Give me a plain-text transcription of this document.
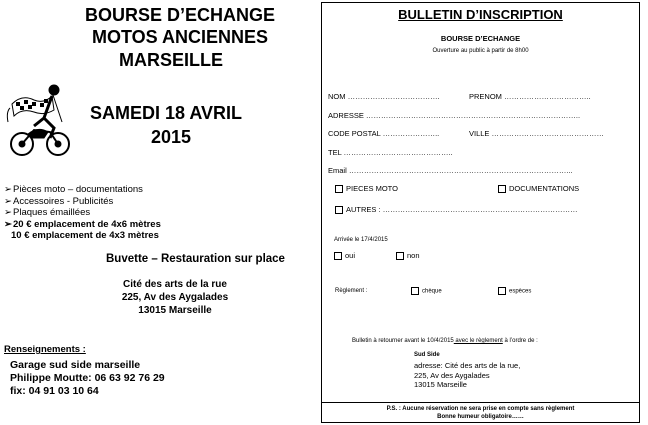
BOURSE D’ECHANGE
MOTOS ANCIENNES
MARSEILLE
SAMEDI 18 AVRIL
2015
➢Pièces moto – documentations
➢Accessoires - Publicités
➢Plaques émaillées
➢20 € emplacement de 4x6 mètres
10 € emplacement de 4x3 mètres
Buvette – Restauration sur place
Cité des arts de la rue
225, Av des Aygalades
13015 Marseille
Renseignements :
Garage sud side marseille
Philippe Moutte: 06 63 92 76 29
fix: 04 91 03 10 64
BULLETIN D’INSCRIPTION
BOURSE D’ECHANGE
Ouverture au public à partir de 8h00
NOM ……………………………….	PRENOM ……………………………..
ADRESSE …………………………………………………………………………..
CODE POSTAL …………………..	VILLE ………………………………………
TEL ……………………………………..
Email ……………………………………………………………………………...
PIECES MOTO	DOCUMENTATIONS
AUTRES : ……………………………………………………………………
Arrivée le 17/4/2015
oui	non
Règlement :	chèque	espèces
Bulletin à retourner avant le 10/4/2015 avec le règlement à l’ordre de :
Sud Side
adresse: Cité des arts de la rue,
225, Av des Aygalades
13015 Marseille
P.S. : Aucune réservation ne sera prise en compte sans règlement
Bonne humeur obligatoire……
